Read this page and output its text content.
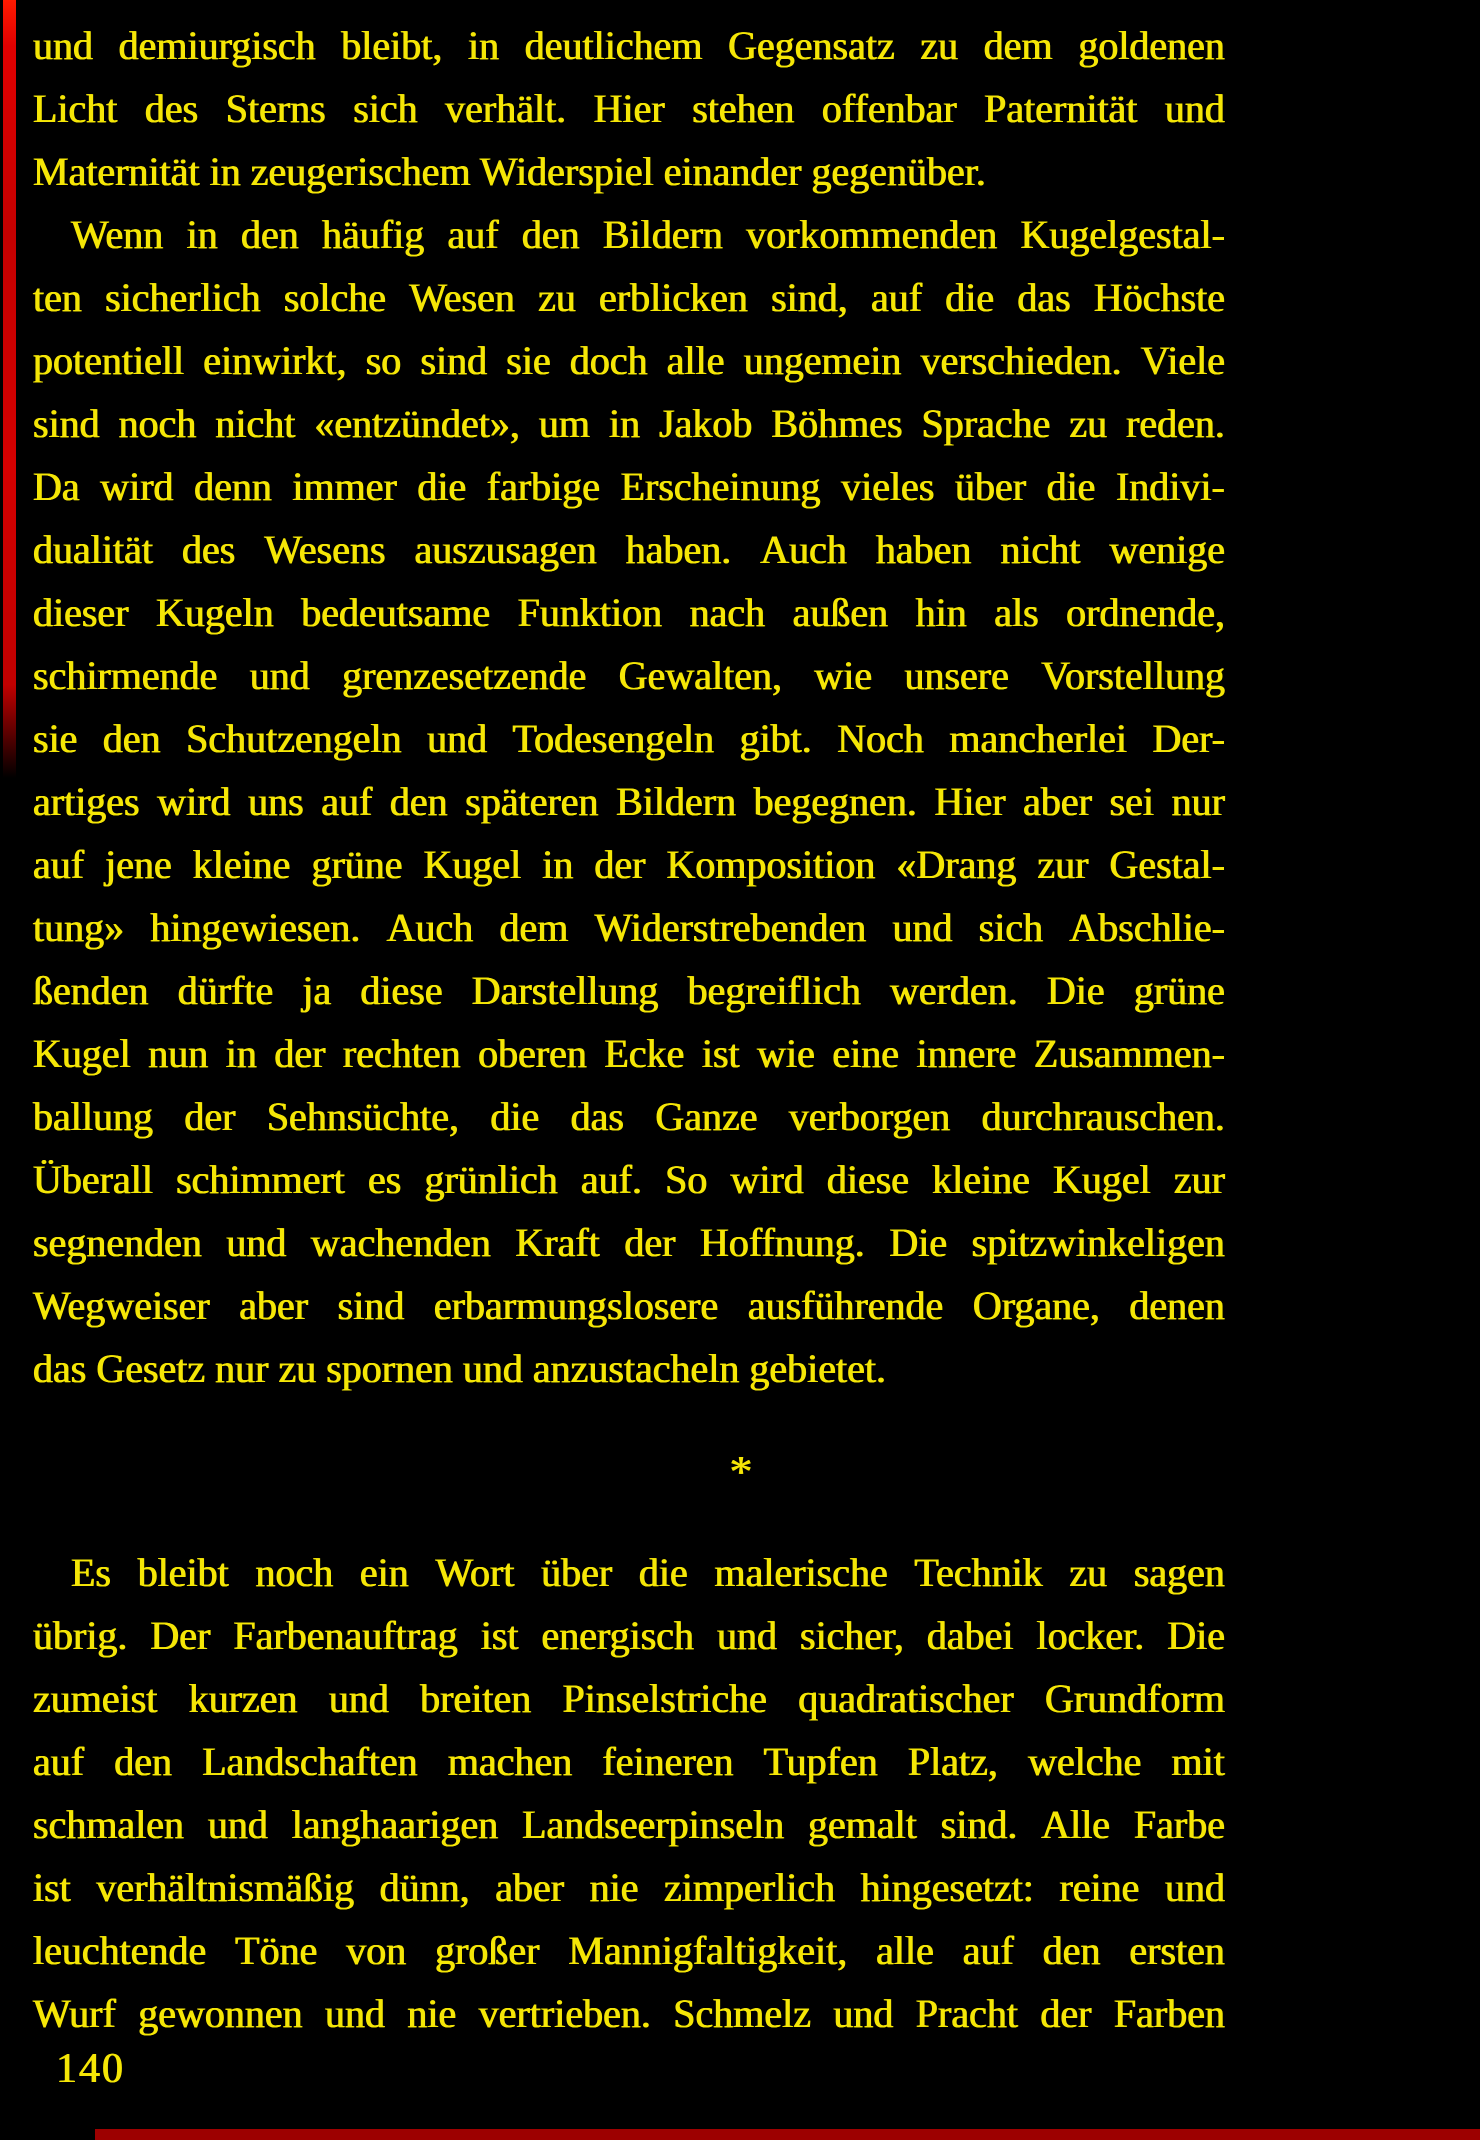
und demiurgisch bleibt, in deutlichem Gegensatz zu dem goldenen
Licht des Sterns sich verhält. Hier stehen offenbar Paternität und
Maternität in zeugerischem Widerspiel einander gegenüber.
Wenn in den häufig auf den Bildern vorkommenden Kugelgestal-
ten sicherlich solche Wesen zu erblicken sind, auf die das Höchste
potentiell einwirkt, so sind sie doch alle ungemein verschieden. Viele
sind noch nicht «entzündet», um in Jakob Böhmes Sprache zu reden.
Da wird denn immer die farbige Erscheinung vieles über die Indivi-
dualität des Wesens auszusagen haben. Auch haben nicht wenige
dieser Kugeln bedeutsame Funktion nach außen hin als ordnende,
schirmende und grenzesetzende Gewalten, wie unsere Vorstellung
sie den Schutzengeln und Todesengeln gibt. Noch mancherlei Der-
artiges wird uns auf den späteren Bildern begegnen. Hier aber sei nur
auf jene kleine grüne Kugel in der Komposition «Drang zur Gestal-
tung» hingewiesen. Auch dem Widerstrebenden und sich Abschlie-
ßenden dürfte ja diese Darstellung begreiflich werden. Die grüne
Kugel nun in der rechten oberen Ecke ist wie eine innere Zusammen-
ballung der Sehnsüchte, die das Ganze verborgen durchrauschen.
Überall schimmert es grünlich auf. So wird diese kleine Kugel zur
segnenden und wachenden Kraft der Hoffnung. Die spitzwinkeligen
Wegweiser aber sind erbarmungslosere ausführende Organe, denen
das Gesetz nur zu spornen und anzustacheln gebietet.
*
Es bleibt noch ein Wort über die malerische Technik zu sagen
übrig. Der Farbenauftrag ist energisch und sicher, dabei locker. Die
zumeist kurzen und breiten Pinselstriche quadratischer Grundform
auf den Landschaften machen feineren Tupfen Platz, welche mit
schmalen und langhaarigen Landseerpinseln gemalt sind. Alle Farbe
ist verhältnismäßig dünn, aber nie zimperlich hingesetzt: reine und
leuchtende Töne von großer Mannigfaltigkeit, alle auf den ersten
Wurf gewonnen und nie vertrieben. Schmelz und Pracht der Farben
140
